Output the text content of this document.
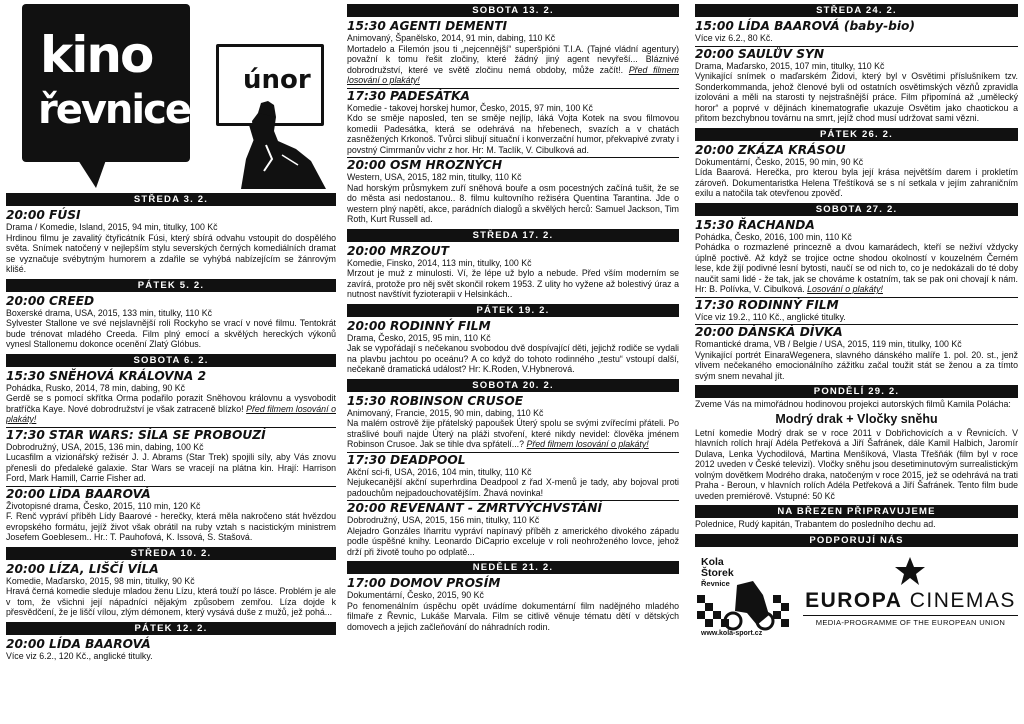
kino
řevnice
únor
STŘEDA 3. 2.
20:00 FÚSI
Drama / Komedie, Island, 2015, 94 min, titulky, 100 Kč
Hrdinou filmu je zavalitý čtyřicátník Fúsi, který sbírá odvahu vstoupit do dospělého světa. Snímek natočený v nejlepším stylu severských černých komediálních dramat se vyznačuje svébytným humorem a zdařile se vyhýbá nabízejícím se žánrovým klišé.
PÁTEK 5. 2.
20:00 CREED
Boxerské drama, USA, 2015, 133 min, titulky, 110 Kč
Sylvester Stallone ve své nejslavnější roli Rockyho se vrací v nové filmu. Tentokrát bude trénovat mladého Creeda. Film plný emocí a skvělých hereckých výkonů vynesl Stallonemu dokonce ocenění Zlatý Glóbus.
SOBOTA 6. 2.
15:30 SNĚHOVÁ KRÁLOVNA 2
Pohádka, Rusko, 2014, 78 min, dabing, 90 Kč
Gerdě se s pomocí skřítka Orma podařilo porazit Sněhovou královnu a vysvobodit bratříčka Kaye. Nové dobrodružství je však zatraceně blízko! Před filmem losování o plakáty!
17:30 STAR WARS: SÍLA SE PROBOUZÍ
Dobrodružný, USA, 2015, 136 min, dabing, 100 Kč
Lucasfilm a vizionářský režisér J. J. Abrams (Star Trek) spojili síly, aby Vás znovu přenesli do předaleké galaxie. Star Wars se vracejí na plátna kin. Hrají: Harrison Ford, Mark Hamill, Carrie Fisher ad.
20:00 LÍDA BAAROVÁ
Životopisné drama, Česko, 2015, 110 min, 120 Kč
F. Renč vypráví příběh Lídy Baarové - herečky, která měla nakročeno stát hvězdou evropského formátu, jejíž život však obrátil na ruby vztah s nacistickým ministrem Josefem Goeblesem.. Hr.: T. Pauhofová, K. Issová, S. Stašová.
STŘEDA 10. 2.
20:00 LÍZA, LIŠČÍ VÍLA
Komedie, Maďarsko, 2015, 98 min, titulky, 90 Kč
Hravá černá komedie sleduje mladou ženu Lízu, která touží po lásce. Problém je ale v tom, že všichni její nápadníci nějakým způsobem zemřou. Líza dojde k přesvědčení, že je liščí vílou, zlým démonem, který vysává duše z mužů, jež pohá...
PÁTEK 12. 2.
20:00 LÍDA BAAROVÁ
Více viz 6.2., 120 Kč., anglické titulky.
SOBOTA 13. 2.
15:30 AGENTI DEMENTI
Animovaný, Španělsko, 2014, 91 min, dabing, 110 Kč
Mortadelo a Filemón jsou ti „nejcennější“ superšpióni T.I.A. (Tajné vládní agentury) považní k tomu řešit zločiny, které žádný jiný agent nevyřeší... Bláznivé dobrodružství, které ve světě zločinu nemá obdoby, může začít!. Před filmem losování o plakáty!
17:30 PADESÁTKA
Komedie - takovej horskej humor, Česko, 2015, 97 min, 100 Kč
Kdo se směje naposled, ten se směje nejlíp, láká Vojta Kotek na svou filmovou komedii Padesátka, která se odehrává na hřebenech, svazích a v chatách zasněžených Krkonoš. Tvůrci slibují situační i konverzační humor, překvapivé zvraty i povstný Cimrmanův vichr z hor. Hr: M. Taclík, V. Cibulková ad.
20:00 OSM HROZNÝCH
Western, USA, 2015, 182 min, titulky, 110 Kč
Nad horským průsmykem zuří sněhová bouře a osm pocestných začíná tušit, že se do města asi nedostanou.. 8. filmu kultovního režiséra Quentina Tarantina. Jde o western plný napětí, akce, parádních dialogů a skvělých herců: Samuel Jackson, Tim Roth, Kurt Russell ad.
STŘEDA 17. 2.
20:00 MRZOUT
Komedie, Finsko, 2014, 113 min, titulky, 100 Kč
Mrzout je muž z minulosti. Ví, že lépe už bylo a nebude. Před vším moderním se zavírá, protože pro něj svět skončil rokem 1953. Z ulity ho vyžene až bolestivý úraz a nutnost navštívit fyzioterapii v Helsinkách..
PÁTEK 19. 2.
20:00 RODINNÝ FILM
Drama, Česko, 2015, 95 min, 110 Kč
Jak se vypořádají s nečekanou svobodou dvě dospívající děti, jejichž rodiče se vydali na plavbu jachtou po oceánu? A co když do tohoto rodinného „testu“ vstoupí další, nečekaně dramatická událost? Hr: K.Roden, V.Hybnerová.
SOBOTA 20. 2.
15:30 ROBINSON CRUSOE
Animovaný, Francie, 2015, 90 min, dabing, 110 Kč
Na malém ostrově žije přátelský papoušek Úterý spolu se svými zvířecími přáteli. Po strašlivé bouři najde Úterý na pláži stvoření, které nikdy nevidel: člověka jménem Robinson Crusoe. Jak se tihle dva spřátelí...? Před filmem losování o plakáty!
17:30 DEADPOOL
Akční sci-fi, USA, 2016, 104 min, titulky, 110 Kč
Nejukecanější akční superhrdina Deadpool z řad X-menů je tady, aby bojoval proti padouchům nejpadouchovatějším. Žhavá novinka!
20:00 REVENANT - ZMRTVÝCHVSTÁNÍ
Dobrodružný, USA, 2015, 156 min, titulky, 110 Kč
Alejadro Gonzáles Iňarritu vypráví napínavý příběh z amerického divokého západu podle úspěšné knihy. Leonardo DiCaprio exceluje v roli neohroženého lovce, jehož drží při životě touho po odplatě...
NEDĚLE 21. 2.
17:00 DOMOV PROSÍM
Dokumentární, Česko, 2015, 90 Kč
Po fenomenálním úspěchu opět uvádíme dokumentární film nadějného mladého filmaře z Řevnic, Lukáše Marvala. Film se citlivě věnuje tématu dětí v dětských domovech a jejich začleňování do náhradních rodin.
STŘEDA 24. 2.
15:00 LÍDA BAAROVÁ (baby-bio)
Více viz 6.2., 80 Kč.
20:00 SAULŮV SYN
Drama, Maďarsko, 2015, 107 min, titulky, 110 Kč
Vynikající snímek o maďarském Židovi, který byl v Osvětimi příslušníkem tzv. Sonderkommanda, jehož členové byli od ostatních osvětimských vězňů zpravidla izolováni a měli na starosti ty nejstrašnější práce. Film připomíná až „umělecký horor“ a poprvé v dějinách kinematografie ukazuje Osvětim jako chaotickou a přitom bezchybnou továrnu na smrt, jejíž chod musí udržovat sami vězni.
PÁTEK 26. 2.
20:00 ZKÁZA KRÁSOU
Dokumentární, Česko, 2015, 90 min, 90 Kč
Lída Baarová. Herečka, pro kterou byla její krása největším darem i prokletím zároveň. Dokumentaristka Helena Třeštíková se s ní setkala v jejím zahraničním exilu a natočila tak otevřenou zpověď.
SOBOTA 27. 2.
15:30 ŘACHANDA
Pohádka, Česko, 2016, 100 min, 110 Kč
Pohádka o rozmazlené princezně a dvou kamarádech, kteří se neživí vždycky úplně poctivě. Až když se trojice octne shodou okolností v kouzelném Černém lese, kde žijí podivné lesní bytosti, naučí se od nich to, co je nedokázali do té doby naučit sami lidé - že tak, jak se chováme k ostatním, tak se pak oni chovají k nám. Hr: B. Polívka, V. Cibulková. Losování o plakáty!
17:30 RODINNÝ FILM
Více viz 19.2., 110 Kč., anglické titulky.
20:00 DÁNSKÁ DÍVKA
Romantické drama, VB / Belgie / USA, 2015, 119 min, titulky, 100 Kč
Vynikající portrét EinaraWegenera, slavného dánského malíře 1. pol. 20. st., jenž vlivem nečekaného emocionálního zážitku začal toužit stát se ženou a za tímto svým snem nevahal jít.
PONDĚLÍ 29. 2.
Zveme Vás na mimořádnou hodinovou projekci autorských filmů Kamila Polácha:
Modrý drak + Vločky sněhu
Letní komedie Modrý drak se v roce 2011 v Dobřichovicích a v Řevnicích. V hlavních rolích hrají Adéla Petřeková a Jiří Šafránek, dále Kamil Halbich, Jaromír Dulava, Lenka Vychodilová, Martina Menšíková, Vlasta Třešňák (film byl v roce 2012 uveden v České televizi). Vločky sněhu jsou desetiminutovým surrealistickým volným dovětkem Modrého draka, natočeným v roce 2015, jež se odehrává na trati Praha - Beroun, v hlavních rolích Adéla Petřeková a Jiří Šafránek. Tento film bude uveden premiérově. Vstupné: 50 Kč
NA BŘEZEN PŘIPRAVUJEME
Polednice, Rudý kapitán, Trabantem do posledního dechu ad.
PODPORUJÍ NÁS
Kola
Štorek
Řevnice
www.kola-sport.cz
EUROPA CINEMAS
MEDIA-PROGRAMME OF THE EUROPEAN UNION
